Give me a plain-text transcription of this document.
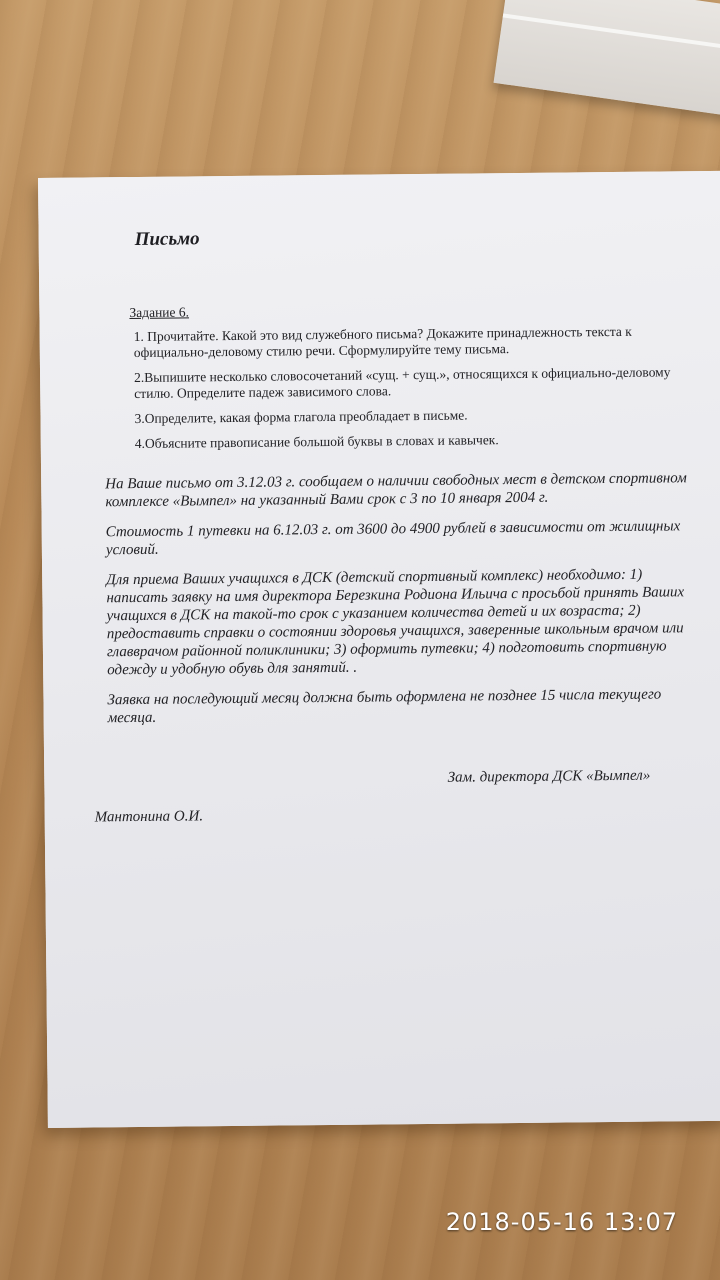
Письмо
Задание 6.

1. Прочитайте. Какой это вид служебного письма? Докажите принадлежность текста к официально-деловому стилю речи. Сформулируйте тему письма.

2.Выпишите несколько словосочетаний «сущ. + сущ.», относящихся к официально-деловому стилю. Определите падеж зависимого слова.

3.Определите, какая форма глагола преобладает в письме.

4.Объясните правописание большой буквы в словах и кавычек.

На Ваше письмо от 3.12.03 г. сообщаем о наличии свободных мест в детском спортивном комплексе «Вымпел» на указанный Вами срок с 3 по 10 января 2004 г.

Стоимость 1 путевки на 6.12.03 г. от 3600 до 4900 рублей в зависимости от жилищных условий.

Для приема Ваших учащихся в ДСК (детский спортивный комплекс) необходимо: 1) написать заявку на имя директора Березкина Родиона Ильича с просьбой принять Ваших учащихся в ДСК на такой-то срок с указанием количества детей и их возраста; 2) предоставить справки о состоянии здоровья учащихся, заверенные школьным врачом или главврачом районной поликлиники; 3) оформить путевки; 4) подготовить спортивную одежду и удобную обувь для занятий. .

Заявка на последующий месяц должна быть оформлена не позднее 15 числа текущего месяца.

Зам. директора ДСК «Вымпел»
Мантонина О.И.
2018-05-16 13:07
